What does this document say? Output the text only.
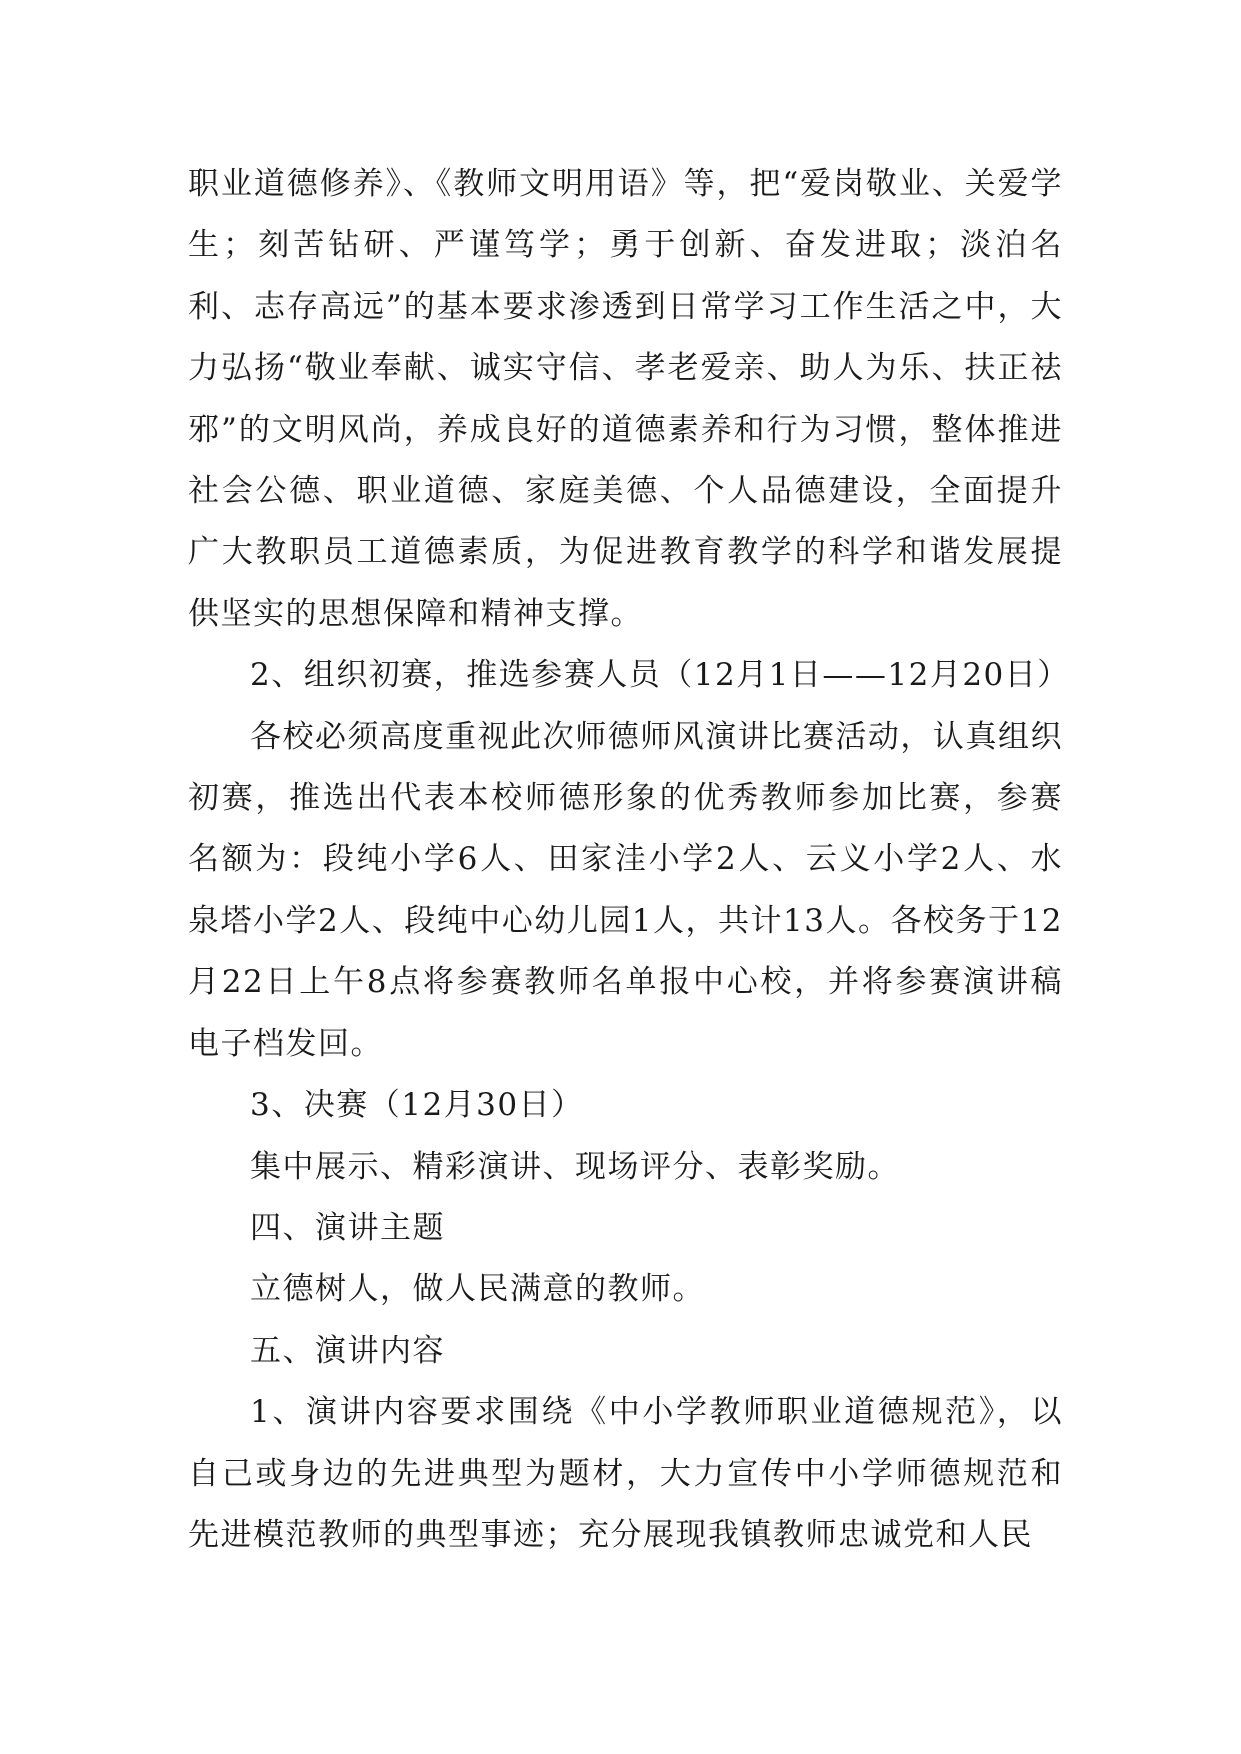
职业道德修养》、《教师文明用语》等，把“爱岗敬业、关爱学生；刻苦钻研、严谨笃学；勇于创新、奋发进取；淡泊名利、志存高远”的基本要求渗透到日常学习工作生活之中，大力弘扬“敬业奉献、诚实守信、孝老爱亲、助人为乐、扶正祛邪”的文明风尚，养成良好的道德素养和行为习惯，整体推进社会公德、职业道德、家庭美德、个人品德建设，全面提升广大教职员工道德素质，为促进教育教学的科学和谐发展提供坚实的思想保障和精神支撑。

2、组织初赛，推选参赛人员（12月1日——12月20日）

各校必须高度重视此次师德师风演讲比赛活动，认真组织初赛，推选出代表本校师德形象的优秀教师参加比赛，参赛名额为：段纯小学6人、田家洼小学2人、云义小学2人、水泉塔小学2人、段纯中心幼儿园1人，共计13人。各校务于12月22日上午8点将参赛教师名单报中心校，并将参赛演讲稿电子档发回。

3、决赛（12月30日）

集中展示、精彩演讲、现场评分、表彰奖励。

四、演讲主题

立德树人，做人民满意的教师。

五、演讲内容

1、演讲内容要求围绕《中小学教师职业道德规范》，以自己或身边的先进典型为题材，大力宣传中小学师德规范和先进模范教师的典型事迹；充分展现我镇教师忠诚党和人民
